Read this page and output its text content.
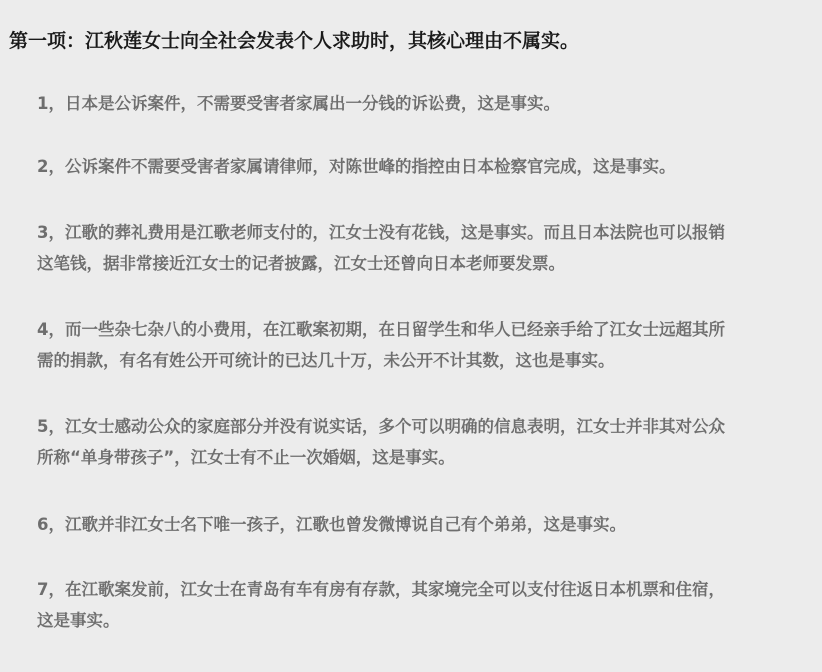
第一项：江秋莲女士向全社会发表个人求助时，其核心理由不属实。

1，日本是公诉案件，不需要受害者家属出一分钱的诉讼费，这是事实。

2，公诉案件不需要受害者家属请律师，对陈世峰的指控由日本检察官完成，这是事实。

3，江歌的葬礼费用是江歌老师支付的，江女士没有花钱，这是事实。而且日本法院也可以报销
这笔钱，据非常接近江女士的记者披露，江女士还曾向日本老师要发票。

4，而一些杂七杂八的小费用，在江歌案初期，在日留学生和华人已经亲手给了江女士远超其所
需的捐款，有名有姓公开可统计的已达几十万，未公开不计其数，这也是事实。

5，江女士感动公众的家庭部分并没有说实话，多个可以明确的信息表明，江女士并非其对公众
所称“单身带孩子”，江女士有不止一次婚姻，这是事实。

6，江歌并非江女士名下唯一孩子，江歌也曾发微博说自己有个弟弟，这是事实。

7，在江歌案发前，江女士在青岛有车有房有存款，其家境完全可以支付往返日本机票和住宿，
这是事实。
